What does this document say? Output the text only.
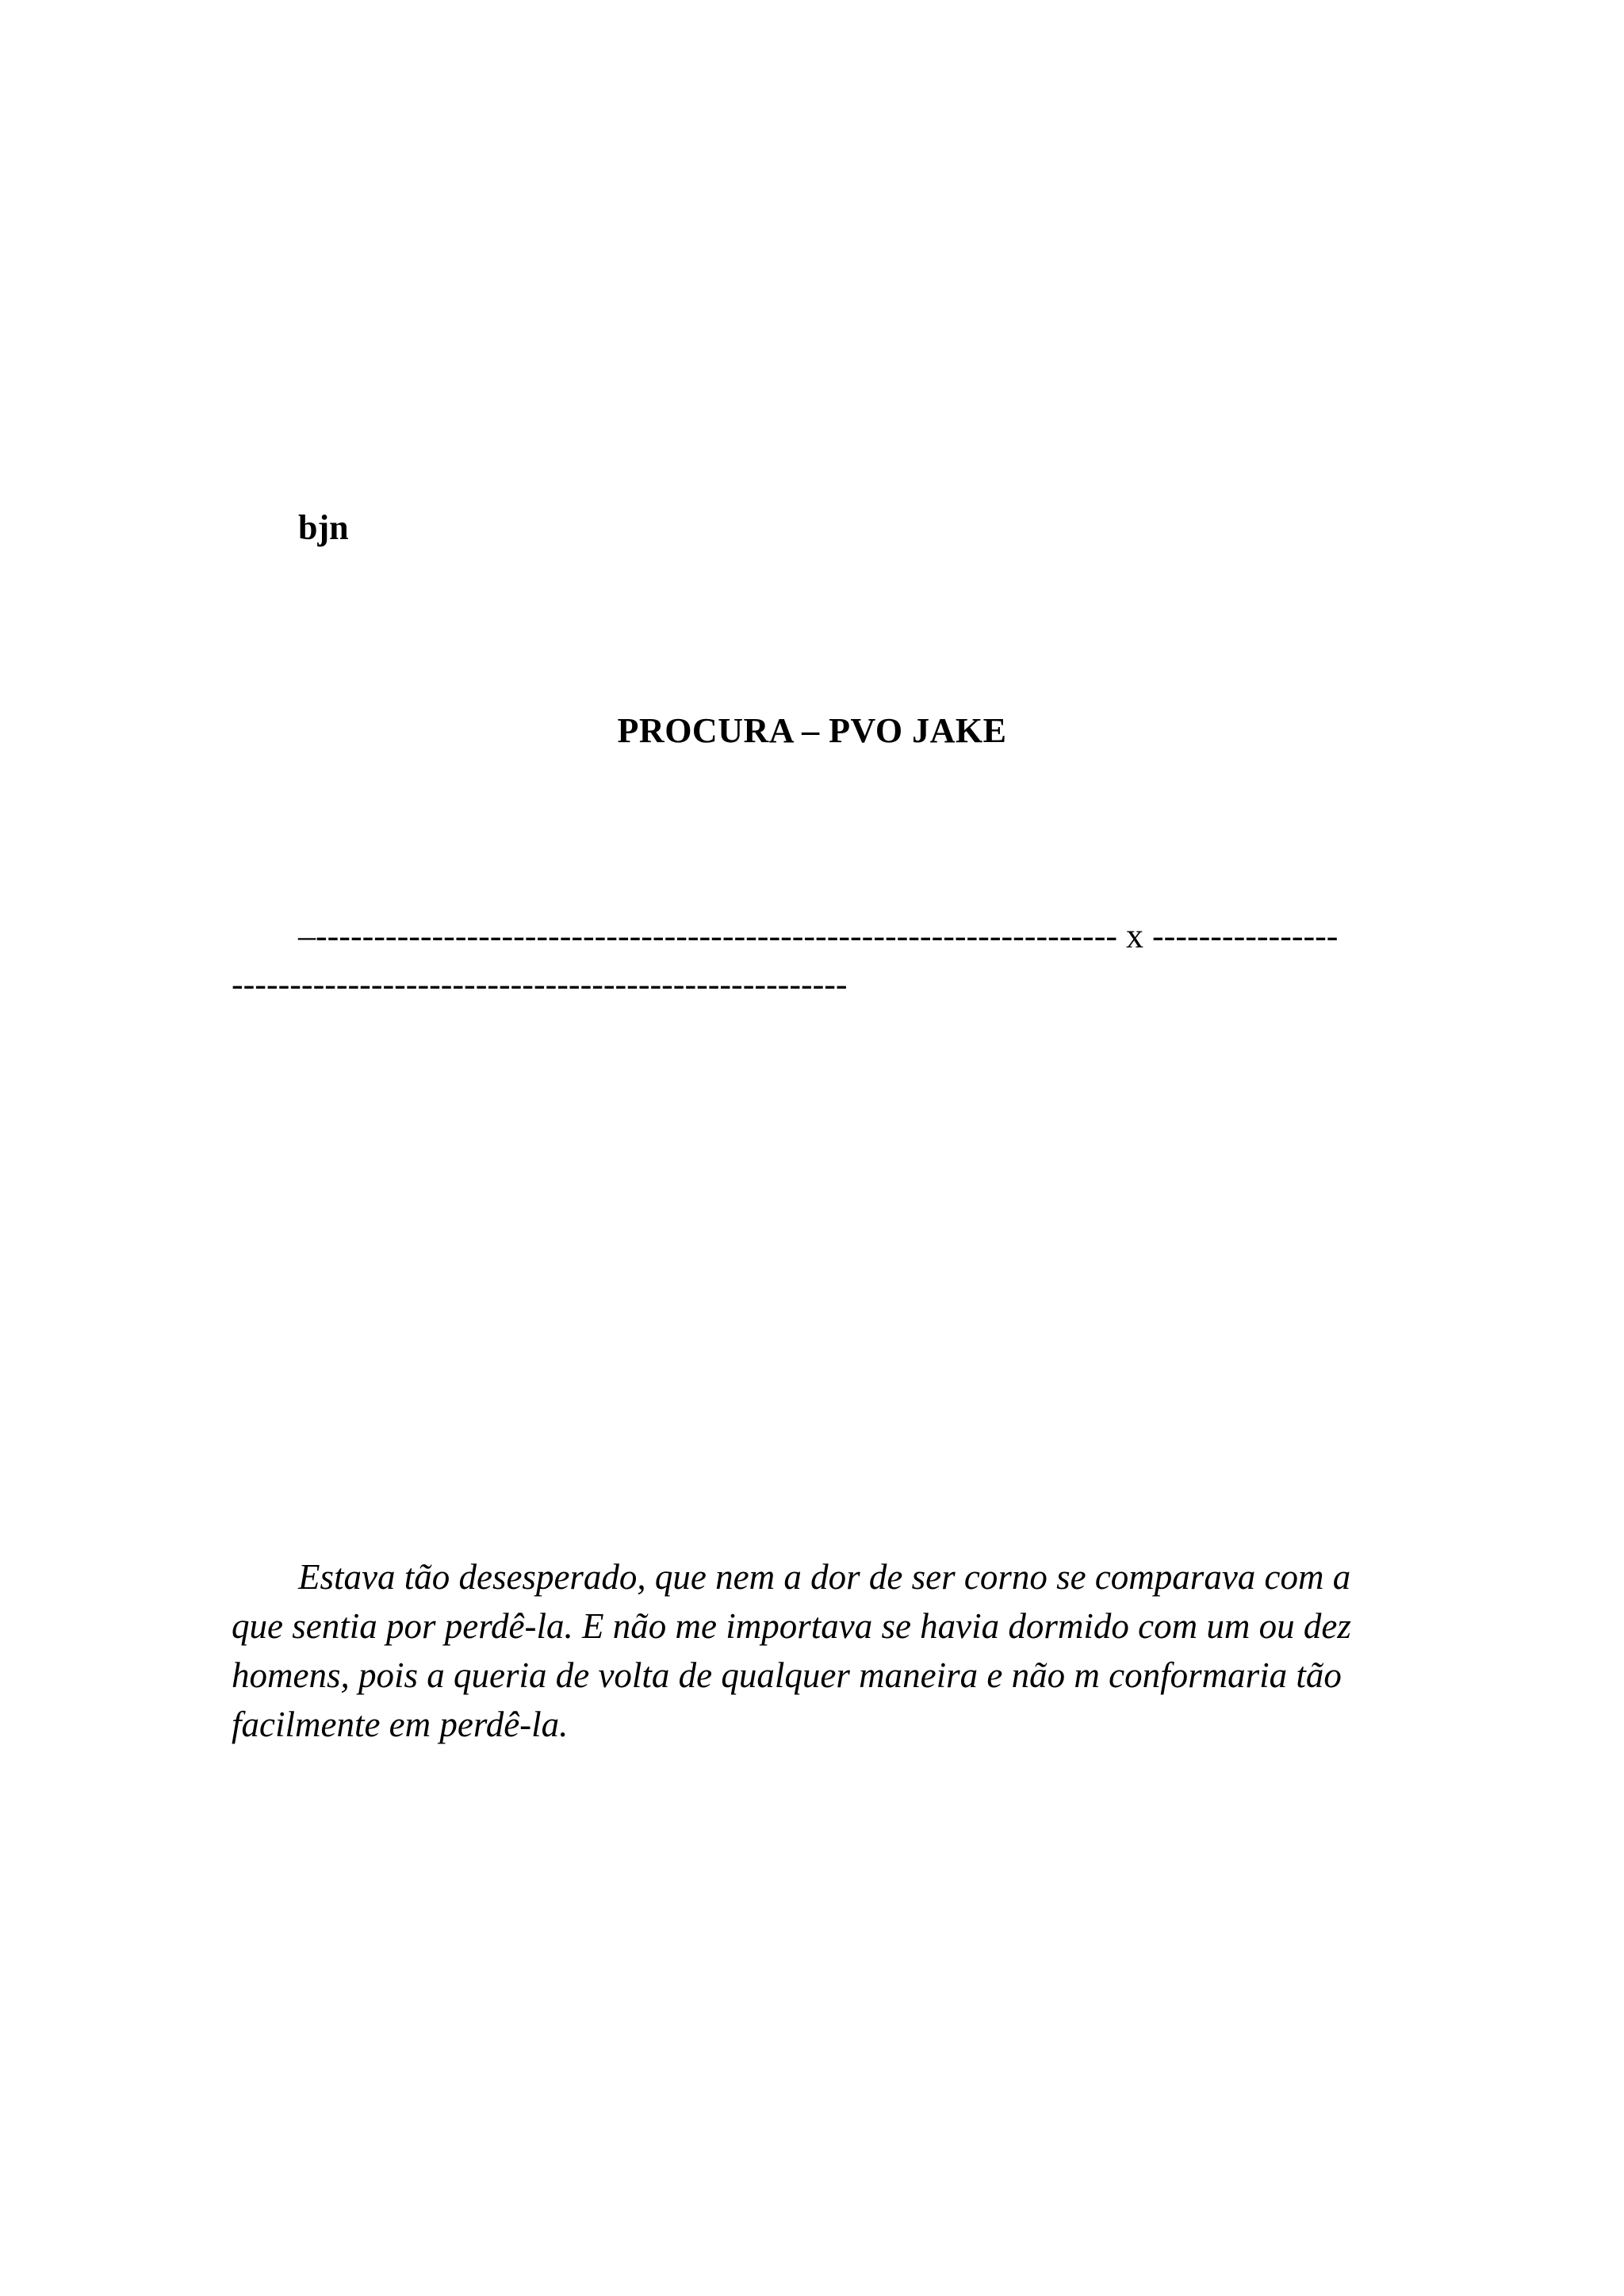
bjn
PROCURA – PVO JAKE
–--------------------------------------------------------------------- x ----------------
-----------------------------------------------------
Estava tão desesperado, que nem a dor de ser corno se comparava com a
que sentia por perdê-la. E não me importava se havia dormido com um ou dez
homens, pois a queria de volta de qualquer maneira e não m conformaria tão
facilmente em perdê-la.
